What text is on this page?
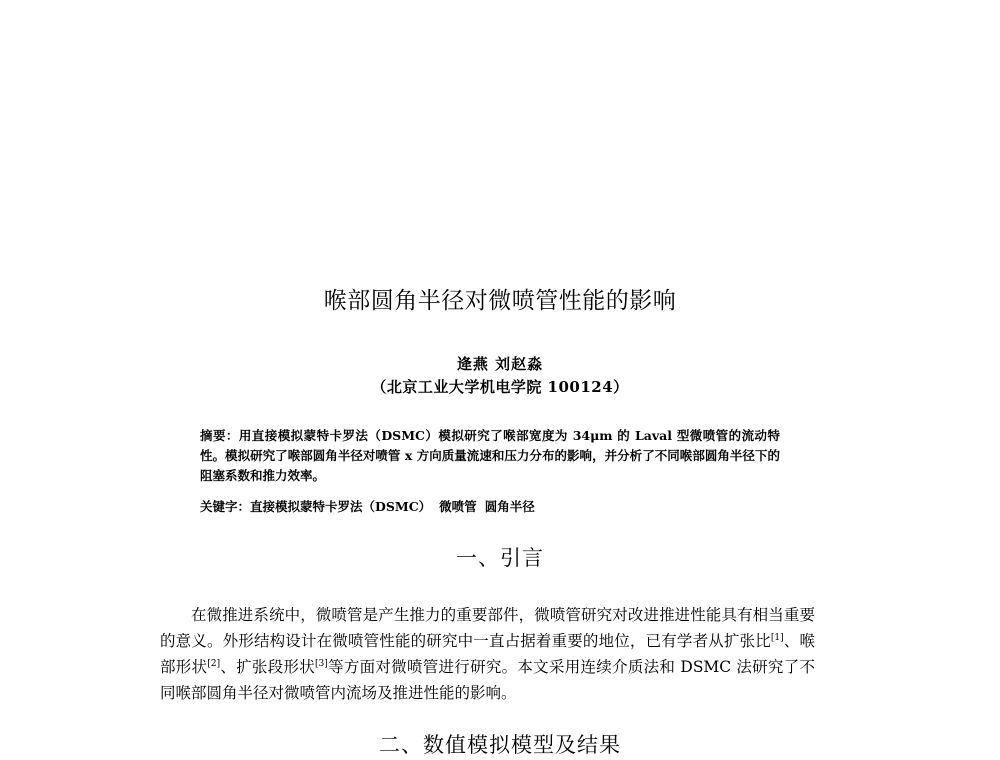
喉部圆角半径对微喷管性能的影响
逄燕 刘赵淼
（北京工业大学机电学院 100124）

摘要：用直接模拟蒙特卡罗法（DSMC）模拟研究了喉部宽度为 34μm 的 Laval 型微喷管的流动特性。模拟研究了喉部圆角半径对喷管 x 方向质量流速和压力分布的影响，并分析了不同喉部圆角半径下的阻塞系数和推力效率。

关键字：直接模拟蒙特卡罗法（DSMC） 微喷管 圆角半径

一、引言

在微推进系统中，微喷管是产生推力的重要部件，微喷管研究对改进推进性能具有相当重要的意义。外形结构设计在微喷管性能的研究中一直占据着重要的地位，已有学者从扩张比[1]、喉部形状[2]、扩张段形状[3]等方面对微喷管进行研究。本文采用连续介质法和 DSMC 法研究了不同喉部圆角半径对微喷管内流场及推进性能的影响。

二、数值模拟模型及结果
